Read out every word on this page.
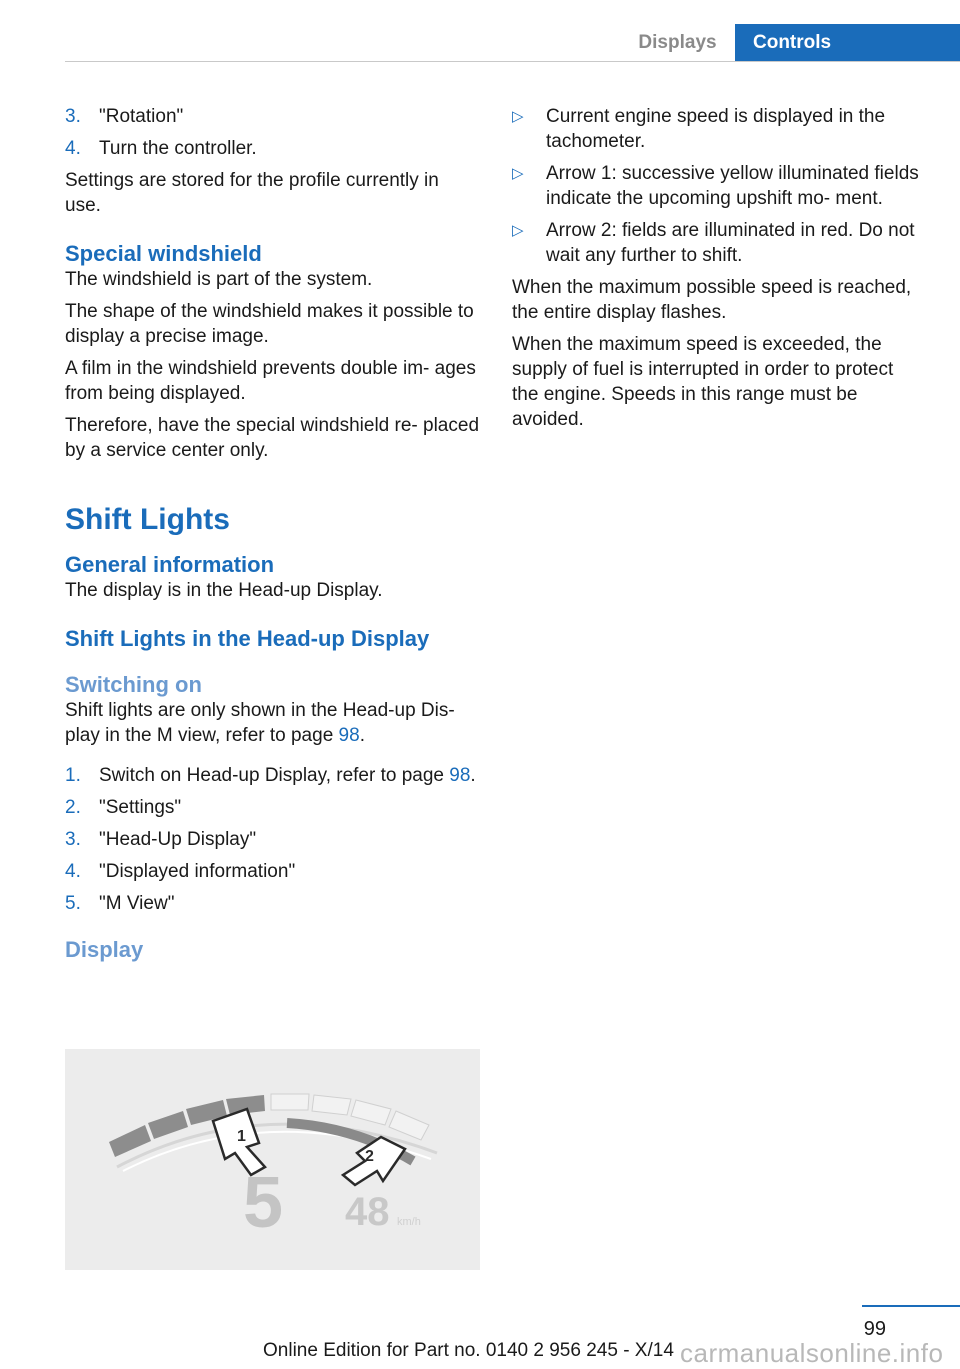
Displays	Controls
3. "Rotation"
4. Turn the controller.

Settings are stored for the profile currently in use.

Special windshield

The windshield is part of the system.

The shape of the windshield makes it possible to display a precise image.

A film in the windshield prevents double im‐ ages from being displayed.

Therefore, have the special windshield re‐ placed by a service center only.

Shift Lights
General information

The display is in the Head-up Display.

Shift Lights in the Head-up Display
Switching on

Shift lights are only shown in the Head-up Dis‐ play in the M view, refer to page 98.

1. Switch on Head-up Display, refer to page 98.
2. "Settings"
3. "Head-Up Display"
4. "Displayed information"
5. "M View"
Display
1
2
5 48 km/h
▷ Current engine speed is displayed in the tachometer.
▷ Arrow 1: successive yellow illuminated fields indicate the upcoming upshift mo‐ ment.
▷ Arrow 2: fields are illuminated in red. Do not wait any further to shift.

When the maximum possible speed is reached, the entire display flashes.

When the maximum speed is exceeded, the supply of fuel is interrupted in order to protect the engine. Speeds in this range must be avoided.

99
Online Edition for Part no. 0140 2 956 245 - X/14 carmanualsonline.info
